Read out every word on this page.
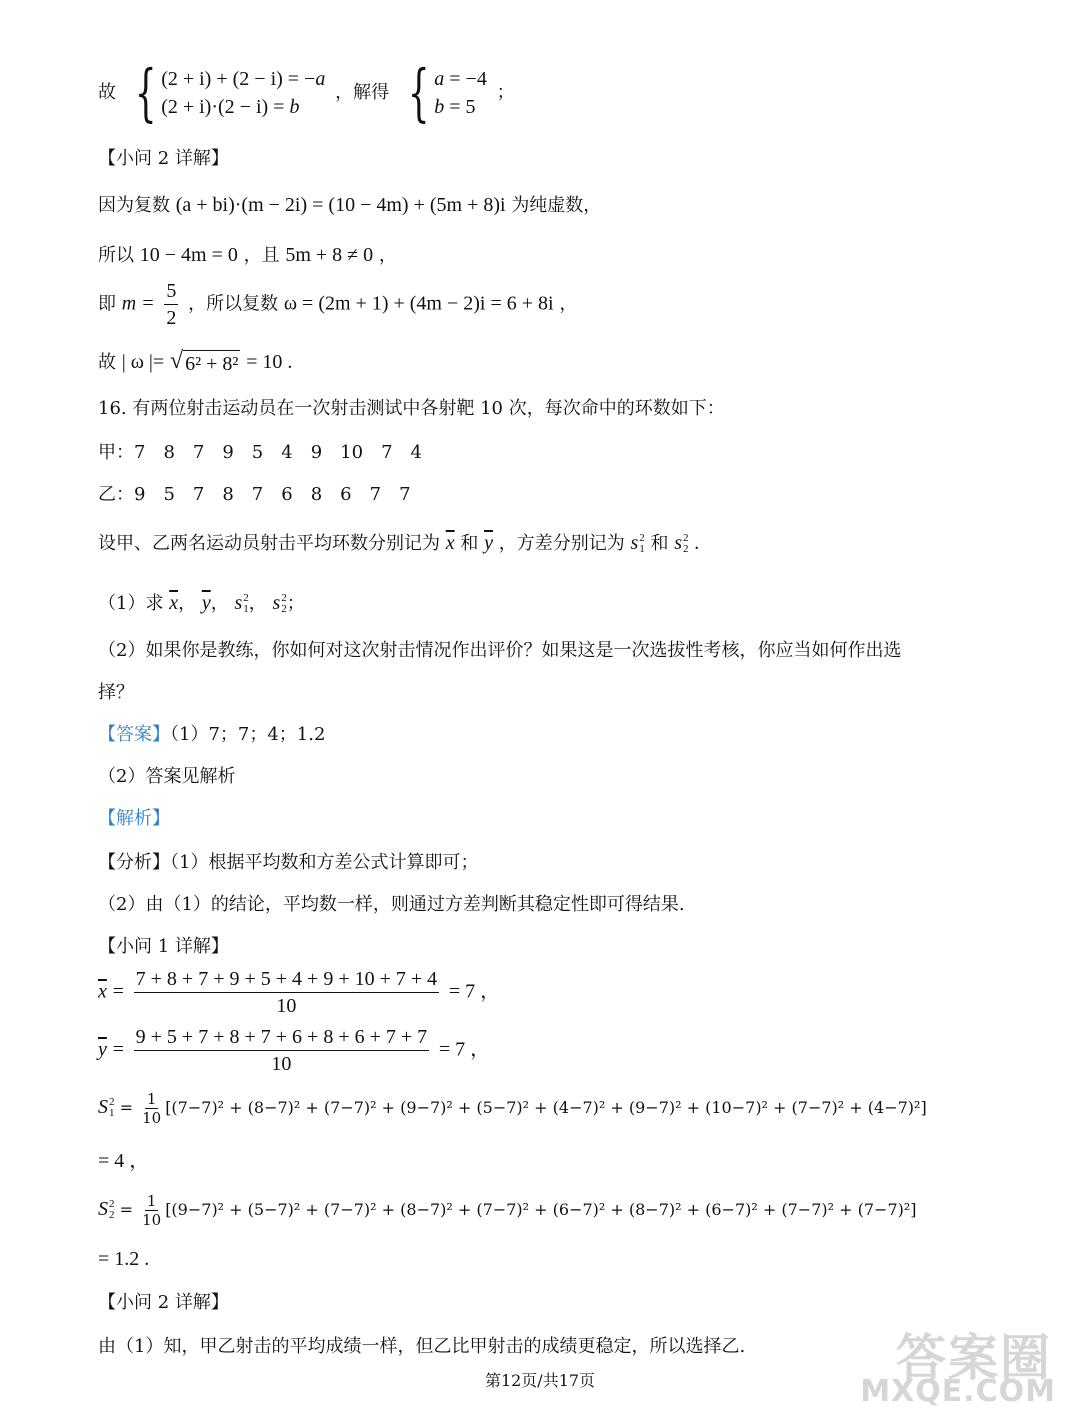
故 { (2 + i) + (2 − i) = −a
(2 + i)·(2 − i) = b
，解得 { a = −4
b = 5
；
【小问 2 详解】
因为复数 (a + bi)·(m − 2i) = (10 − 4m) + (5m + 8)i 为纯虚数，
所以 10 − 4m = 0 ，且 5m + 8 ≠ 0 ，
即 $m = \frac{5}{2}$ ，所以复数 ω = (2m + 1) + (4m − 2)i = 6 + 8i ，
故 | ω |= √ 6² + 8² = 10 .
16. 有两位射击运动员在一次射击测试中各射靶 10 次，每次命中的环数如下：
甲：7　8　7　9　5　4　9　10　7　4
乙：9　5　7　8　7　6　8　6　7　7
设甲、乙两名运动员射击平均环数分别记为 $\overline{x}$ 和 $\overline{y}$ ，方差分别记为 s 2
1 和 s 2
2 .
（1）求 $\overline{x}$， $\overline{y}$， s 2
1 ， s 2
2 ；
（2）如果你是教练，你如何对这次射击情况作出评价？如果这是一次选拔性考核，你应当如何作出选
择？
【答案】（1）7；7；4；1.2
（2）答案见解析
【解析】
【分析】（1）根据平均数和方差公式计算即可；
（2）由（1）的结论，平均数一样，则通过方差判断其稳定性即可得结果.
【小问 1 详解】
$\overline{x} = \frac{7 + 8 + 7 + 9 + 5 + 4 + 9 + 10 + 7 + 4}{10} = 7$ ，
$\overline{y} = \frac{9 + 5 + 7 + 8 + 7 + 6 + 8 + 6 + 7 + 7}{10} = 7$ ，
S 2
$1 = \frac{1}{10} [(7-7)^2 + (8-7)^2 + (7-7)^2 + (9-7)^2 + (5-7)^2 + (4-7)^2 + (9-7)^2 + (10-7)^2 + (7-7)^2 + (4-7)^2]$
= 4 ，
S 2
$2 = \frac{1}{10} [(9-7)^2 + (5-7)^2 + (7-7)^2 + (8-7)^2 + (7-7)^2 + (6-7)^2 + (8-7)^2 + (6-7)^2 + (7-7)^2 + (7-7)^2]$
= 1.2 .
【小问 2 详解】
由（1）知，甲乙射击的平均成绩一样，但乙比甲射击的成绩更稳定，所以选择乙.
第12页/共17页	答案圈
MXQE.COM
